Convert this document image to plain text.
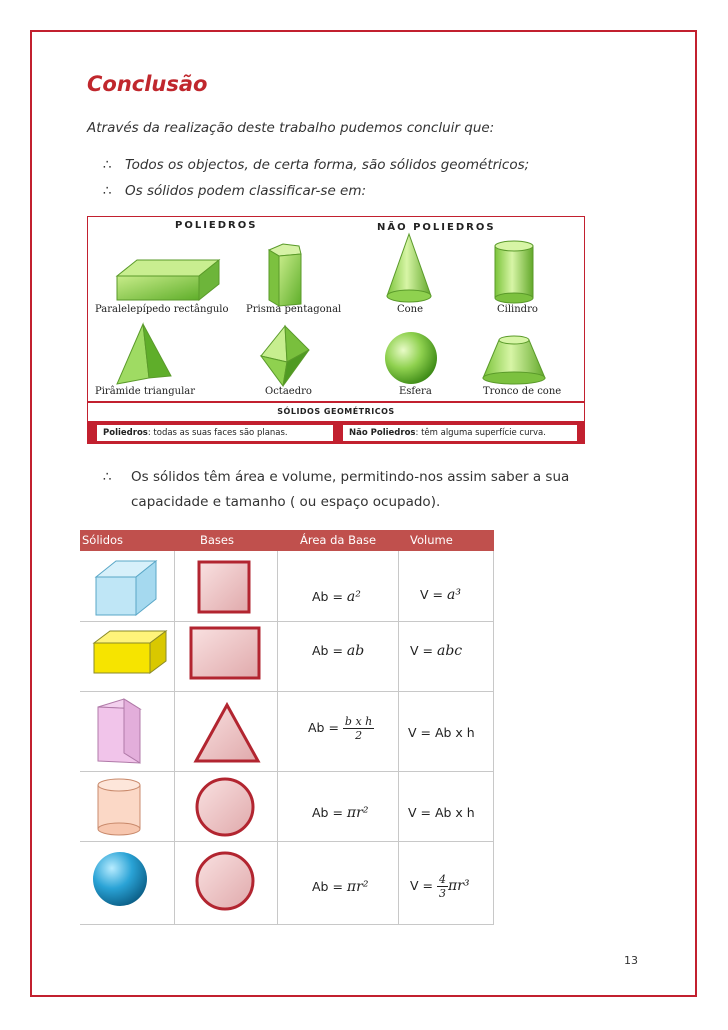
Conclusão
Através da realização deste trabalho pudemos concluir que:
∴ Todos os objectos, de certa forma, são sólidos geométricos;
∴ Os sólidos podem classificar-se em:
POLIEDROS	NÃO POLIEDROS
Paralelepípedo rectângulo Prisma pentagonal	Cone	Cilindro
Pirâmide triangular	Octaedro	Esfera	Tronco de cone
SÓLIDOS GEOMÉTRICOS
Poliedros: todas as suas faces são planas.	Não Poliedros: têm alguma superfície curva.
∴ Os sólidos têm área e volume, permitindo-nos assim saber a sua capacidade e tamanho ( ou espaço ocupado).
Sólidos	Bases	Área da Base	Volume
Ab = a²	V = a³
Ab = ab	V = abc
$Ab = \frac{\text{b x h}}{2}$	V = Ab x h
Ab = πr²	V = Ab x h
Ab = πr²	$V = \frac{4}{3} \pi r^3$
13
